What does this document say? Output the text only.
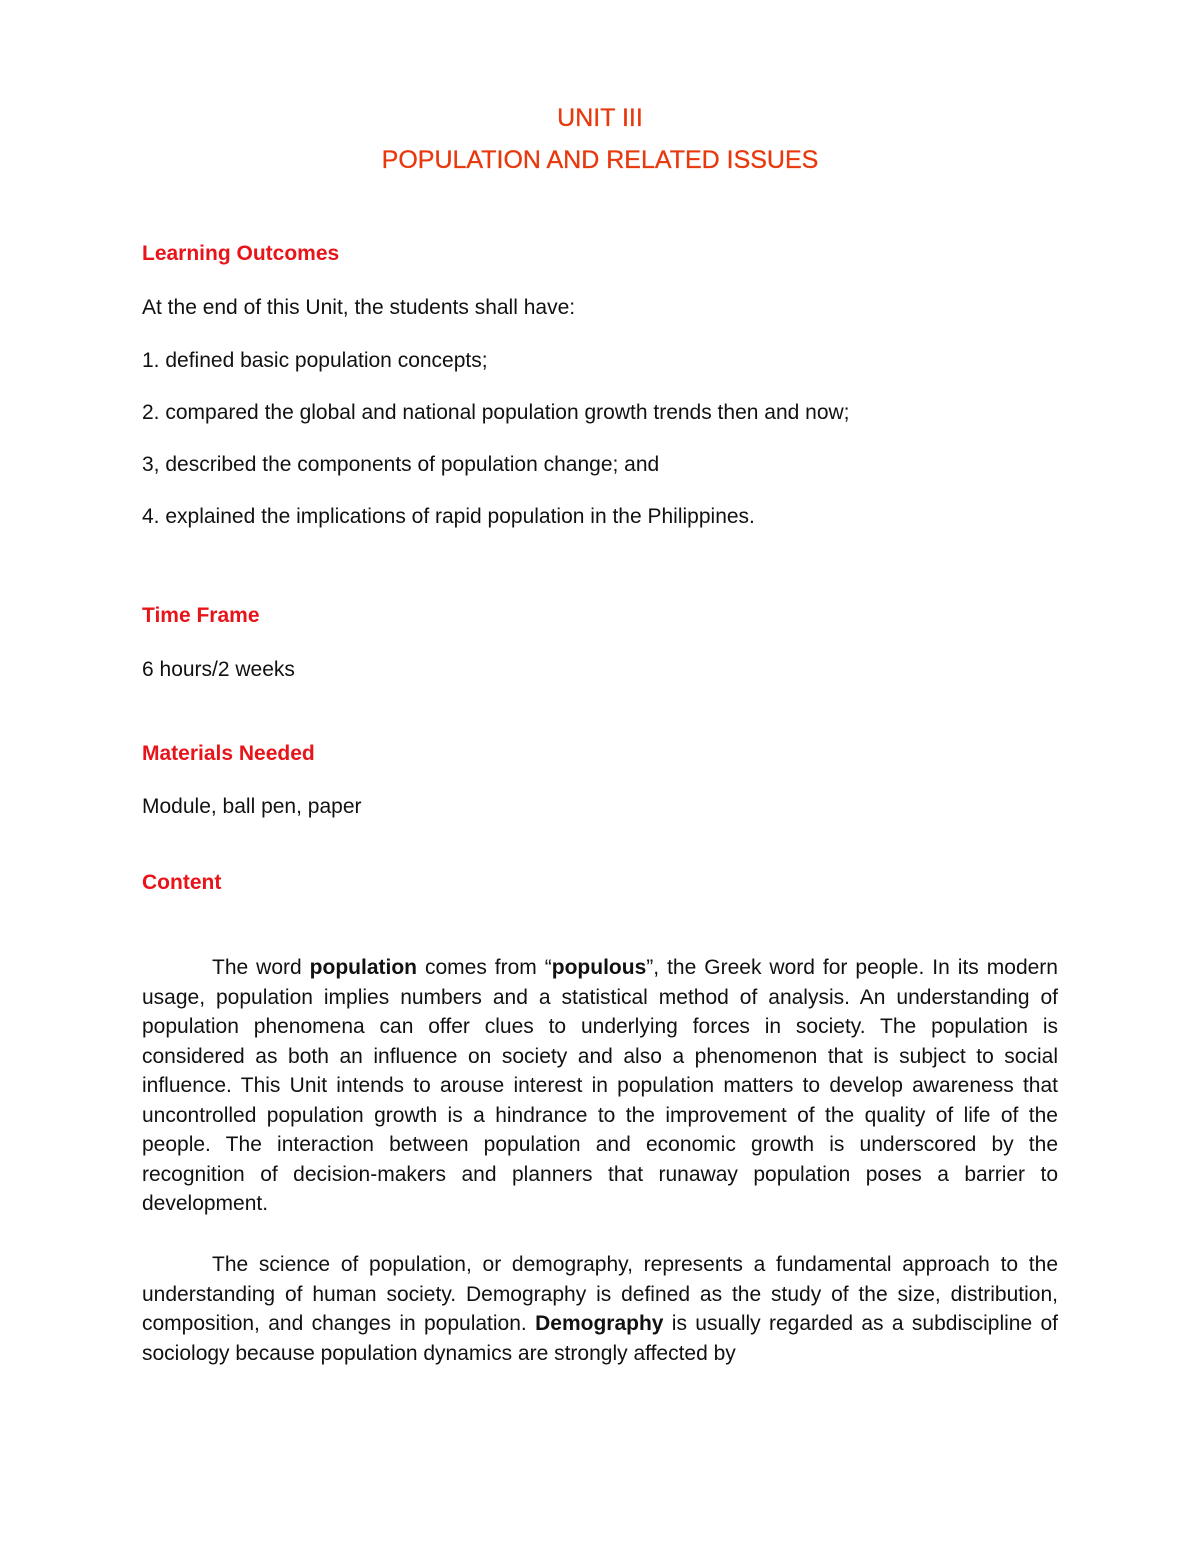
UNIT III
POPULATION AND RELATED ISSUES
Learning Outcomes

At the end of this Unit, the students shall have:

1. defined basic population concepts;

2. compared the global and national population growth trends then and now;

3, described the components of population change; and

4. explained the implications of rapid population in the Philippines.

Time Frame

6 hours/2 weeks

Materials Needed

Module, ball pen, paper

Content

The word population comes from “populous”, the Greek word for people. In its modern usage, population implies numbers and a statistical method of analysis. An understanding of population phenomena can offer clues to underlying forces in society. The population is considered as both an influence on society and also a phenomenon that is subject to social influence. This Unit intends to arouse interest in population matters to develop awareness that uncontrolled population growth is a hindrance to the improvement of the quality of life of the people. The interaction between population and economic growth is underscored by the recognition of decision-makers and planners that runaway population poses a barrier to development.

The science of population, or demography, represents a fundamental approach to the understanding of human society. Demography is defined as the study of the size, distribution, composition, and changes in population. Demography is usually regarded as a subdiscipline of sociology because population dynamics are strongly affected by
